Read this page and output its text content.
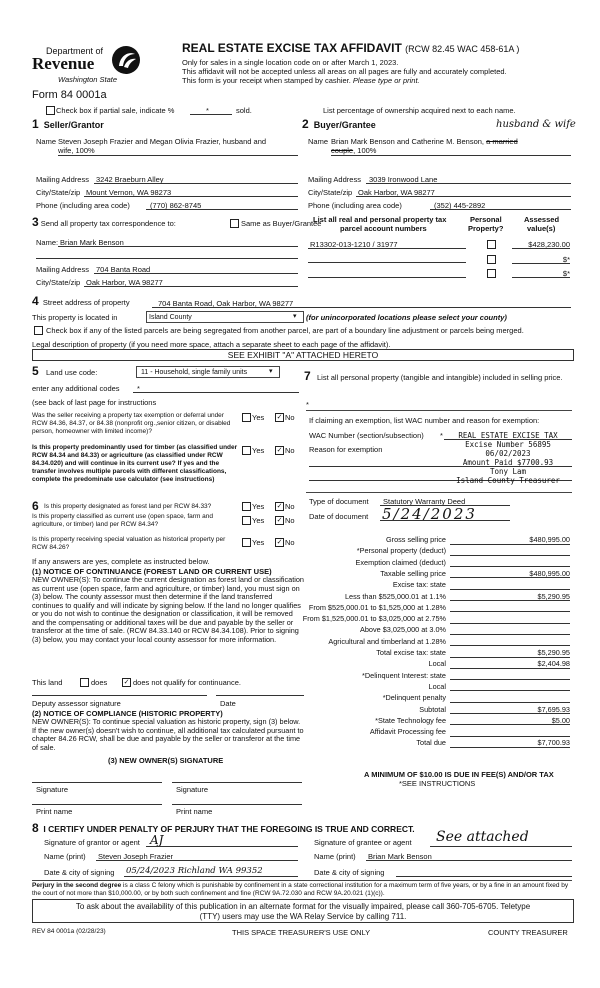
Department of
Revenue
Washington State
Form 84 0001a
REAL ESTATE EXCISE TAX AFFIDAVIT (RCW 82.45 WAC 458-61A )
Only for sales in a single location code on or after March 1, 2023.
This affidavit will not be accepted unless all areas on all pages are fully and accurately completed.
This form is your receipt when stamped by cashier. Please type or print.
Check box if partial sale, indicate %	*	sold.	List percentage of ownership acquired next to each name.
1 Seller/Grantor
Name Steven Joseph Frazier and Megan Olivia Frazier, husband and
wife, 100%
Mailing Address 3242 Braeburn Alley
City/State/zip Mount Vernon, WA 98273
Phone (including area code)	(770) 862-8745
2 Buyer/Grantee	husband & wife
Name Brian Mark Benson and Catherine M. Benson, a married
couple, 100%
Mailing Address 3039 Ironwood Lane
City/State/zip Oak Harbor, WA 98277
Phone (including area code)	(352) 445-2892
3 Send all property tax correspondence to:	Same as Buyer/Grantee
Name: Brian Mark Benson
Mailing Address 704 Banta Road
City/State/zip Oak Harbor, WA 98277
List all real and personal property tax
parcel account numbers
Personal
Property?
Assessed
value(s)
R13302-013-1210 / 31977	$428,230.00
$*
$*
4 Street address of property	704 Banta Road, Oak Harbor, WA 98277
This property is located in	Island County	▾ (for unincorporated locations please select your county)
Check box if any of the listed parcels are being segregated from another parcel, are part of a boundary line adjustment or parcels being merged.
Legal description of property (if you need more space, attach a separate sheet to each page of the affidavit).
SEE EXHIBIT "A" ATTACHED HERETO
5 Land use code:	11 - Household, single family units	▾
enter any additional codes *
(see back of last page for instructions
Was the seller receiving a property tax exemption or deferral under RCW 84.36, 84.37, or 84.38 (nonprofit org.,senior citizen, or disabled person, homeowner with limited income)?
Yes ✓ No
Is this property predominantly used for timber (as classified under RCW 84.34 and 84.33) or agriculture (as classified under RCW 84.34.020) and will continue in its current use? If yes and the transfer involves multiple parcels with different classifications, complete the predominate use calculator (see instructions)
Yes ✓ No
6 Is this property designated as forest land per RCW 84.33?	Yes ✓ No
Is this property classified as current use (open space, farm and agriculture, or timber) land per RCW 84.34?	Yes ✓ No
Is this property receiving special valuation as historical property per RCW 84.26?
Yes ✓ No
If any answers are yes, complete as instructed below.
(1) NOTICE OF CONTINUANCE (FOREST LAND OR CURRENT USE)
NEW OWNER(S): To continue the current designation as forest land or classification as current use (open space, farm and agriculture, or timber) land, you must sign on (3) below. The county assessor must then determine if the land transferred continues to qualify and will indicate by signing below. If the land no longer qualifies or you do not wish to continue the designation or classification, it will be removed and the compensating or additional taxes will be due and payable by the seller or transferor at the time of sale. (RCW 84.33.140 or RCW 84.34.108). Prior to signing (3) below, you may contact your local county assessor for more information.
This land	does ✓ does not qualify for continuance.
Deputy assessor signature	Date
(2) NOTICE OF COMPLIANCE (HISTORIC PROPERTY)
NEW OWNER(S): To continue special valuation as historic property, sign (3) below. If the new owner(s) doesn't wish to continue, all additional tax calculated pursuant to chapter 84.26 RCW, shall be due and payable by the seller or transferor at the time of sale.
(3) NEW OWNER(S) SIGNATURE
Signature	Signature
Print name	Print name
7 List all personal property (tangible and intangible) included in selling price.
*
If claiming an exemption, list WAC number and reason for exemption:
WAC Number (section/subsection) *
Reason for exemption
REAL ESTATE EXCISE TAX
Excise Number 56895
06/02/2023
Amount Paid $7700.93
Tony Lam
Island County Treasurer
Type of document Statutory Warranty Deed
Date of document 5/24/2023
Gross selling price	$480,995.00
*Personal property (deduct)
Exemption claimed (deduct)
Taxable selling price	$480,995.00
Excise tax: state
Less than $525,000.01 at 1.1%	$5,290.95
From $525,000.01 to $1,525,000 at 1.28%
From $1,525,000.01 to $3,025,000 at 2.75%
Above $3,025,000 at 3.0%
Agricultural and timberland at 1.28%
Total excise tax: state	$5,290.95
Local	$2,404.98
*Delinquent Interest: state
Local
*Delinquent penalty
Subtotal	$7,695.93
*State Technology fee	$5.00
Affidavit Processing fee
Total due	$7,700.93
A MINIMUM OF $10.00 IS DUE IN FEE(S) AND/OR TAX
*SEE INSTRUCTIONS
8 I CERTIFY UNDER PENALTY OF PERJURY THAT THE FOREGOING IS TRUE AND CORRECT.
Signature of grantor or agent AJ
Name (print) Steven Joseph Frazier
Date & city of signing 05/24/2023 Richland WA 99352
Signature of grantee or agent See attached
Name (print) Brian Mark Benson
Date & city of signing
Perjury in the second degree is a class C felony which is punishable by confinement in a state correctional institution for a maximum term of five years, or by a fine in an amount fixed by the court of not more than $10,000.00, or by both such confinement and fine (RCW 9A.72.030 and RCW 9A.20.021 (1)(c)).
To ask about the availability of this publication in an alternate format for the visually impaired, please call 360-705-6705. Teletype (TTY) users may use the WA Relay Service by calling 711.
REV 84 0001a (02/28/23)	THIS SPACE TREASURER'S USE ONLY	COUNTY TREASURER
